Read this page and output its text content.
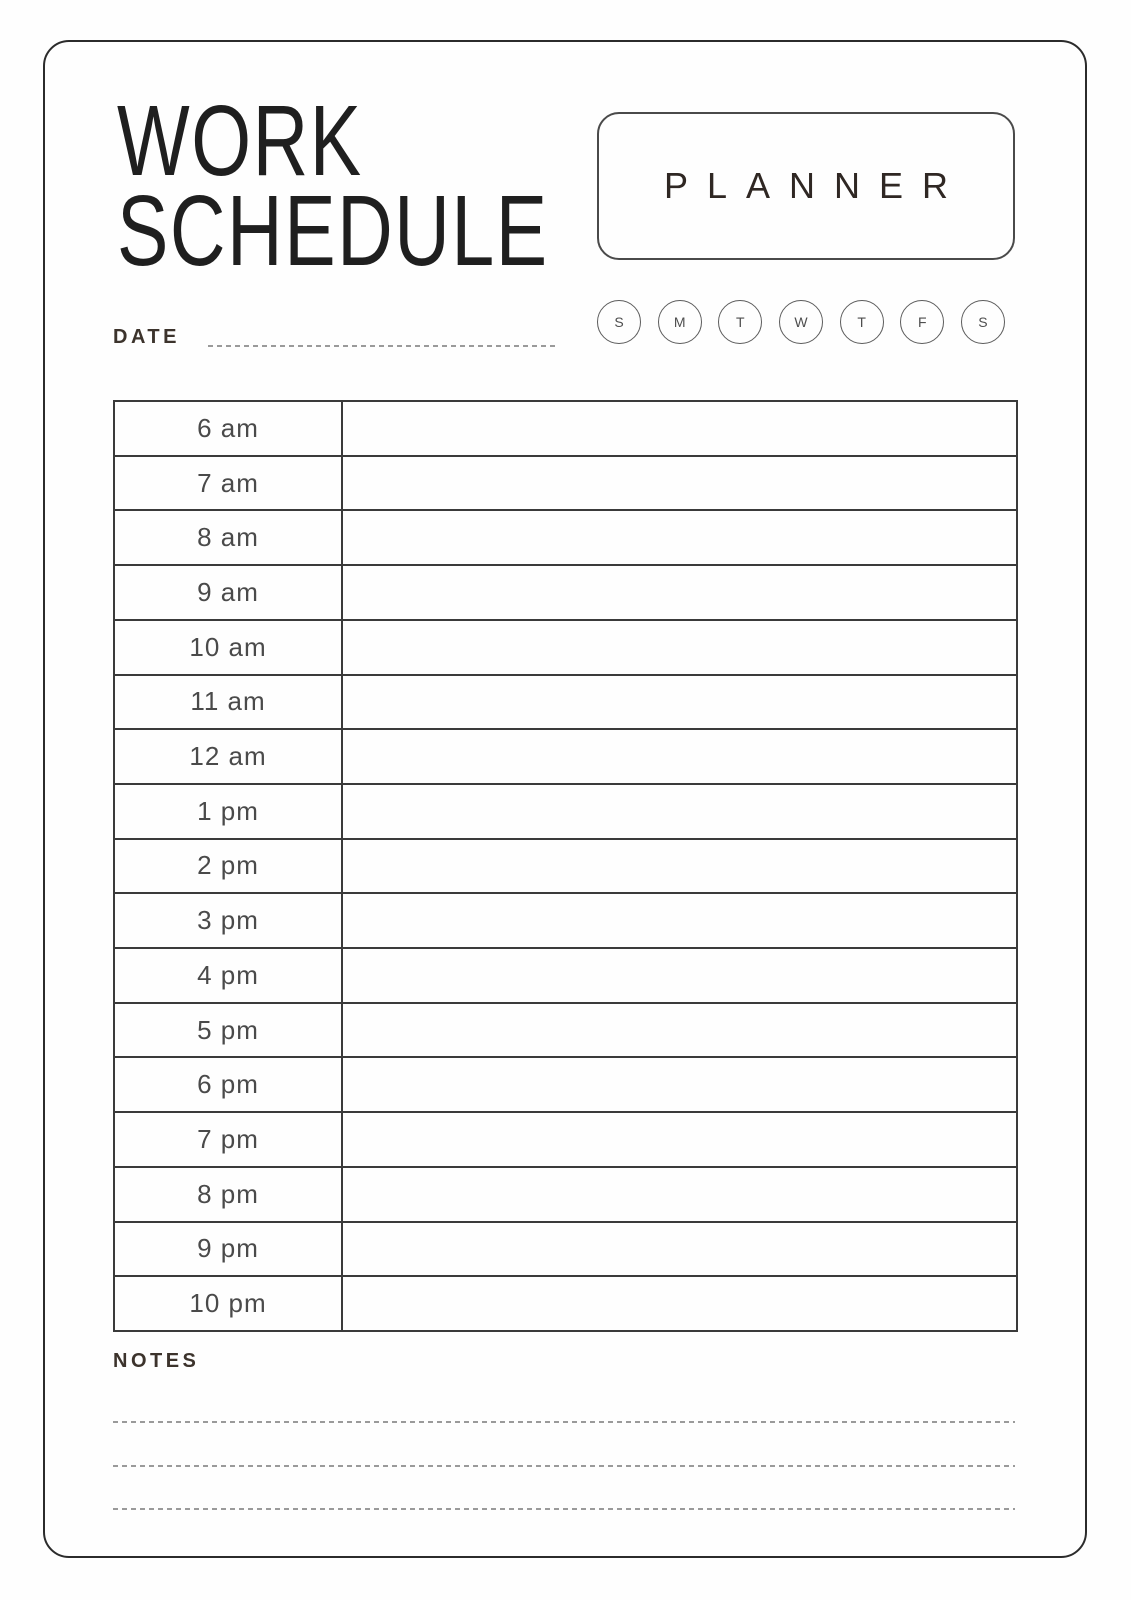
WORK
SCHEDULE	PLANNER
DATE
S	M	T	W	T	F	S
6 am
7 am
8 am
9 am
10 am
11 am
12 am
1 pm
2 pm
3 pm
4 pm
5 pm
6 pm
7 pm
8 pm
9 pm
10 pm
NOTES
